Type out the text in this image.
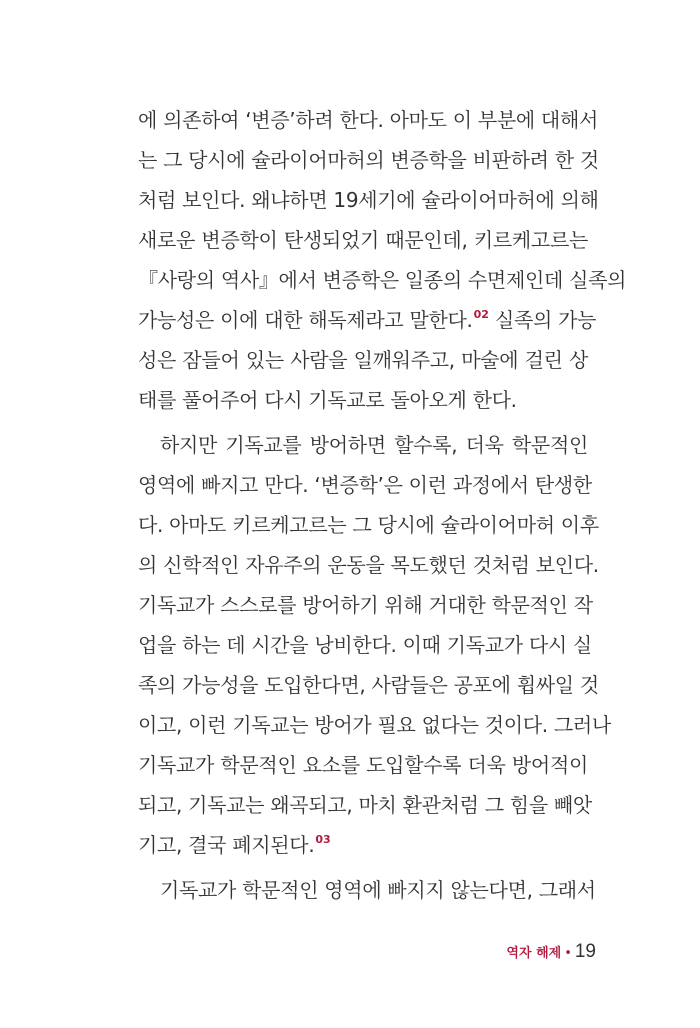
에 의존하여 ‘변증’하려 한다. 아마도 이 부분에 대해서
는 그 당시에 슐라이어마허의 변증학을 비판하려 한 것
처럼 보인다. 왜냐하면 19세기에 슐라이어마허에 의해
새로운 변증학이 탄생되었기 때문인데, 키르케고르는
『사랑의 역사』에서 변증학은 일종의 수면제인데 실족의
가능성은 이에 대한 해독제라고 말한다.$^{02}$ 실족의 가능
성은 잠들어 있는 사람을 일깨워주고, 마술에 걸린 상
태를 풀어주어 다시 기독교로 돌아오게 한다.
하지만 기독교를 방어하면 할수록, 더욱 학문적인
영역에 빠지고 만다. ‘변증학’은 이런 과정에서 탄생한
다. 아마도 키르케고르는 그 당시에 슐라이어마허 이후
의 신학적인 자유주의 운동을 목도했던 것처럼 보인다.
기독교가 스스로를 방어하기 위해 거대한 학문적인 작
업을 하는 데 시간을 낭비한다. 이때 기독교가 다시 실
족의 가능성을 도입한다면, 사람들은 공포에 휩싸일 것
이고, 이런 기독교는 방어가 필요 없다는 것이다. 그러나
기독교가 학문적인 요소를 도입할수록 더욱 방어적이
되고, 기독교는 왜곡되고, 마치 환관처럼 그 힘을 빼앗
기고, 결국 폐지된다.$^{03}$
기독교가 학문적인 영역에 빠지지 않는다면, 그래서
역자 해제 • 19
